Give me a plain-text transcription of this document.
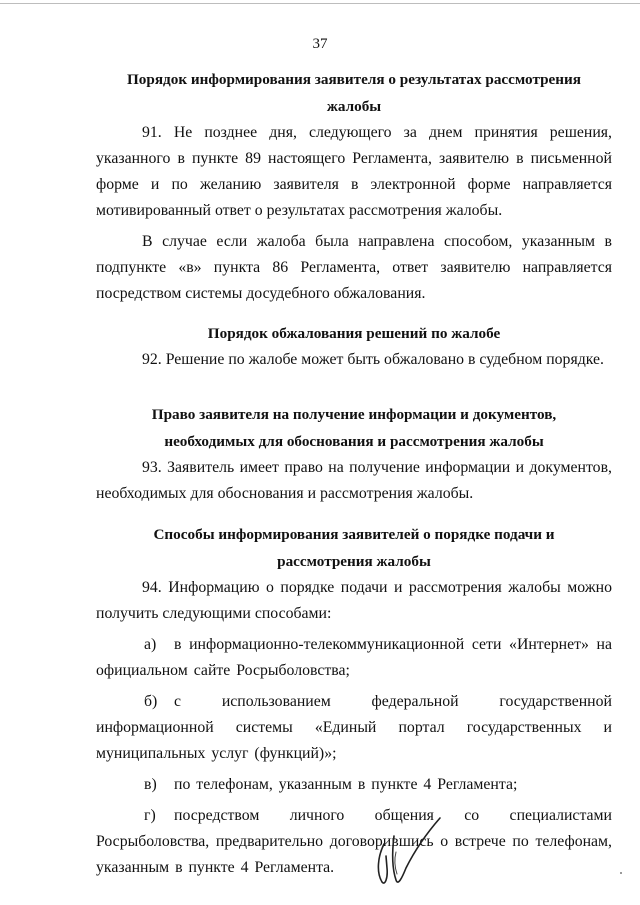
37

Порядок информирования заявителя о результатах рассмотрения
жалобы

91. Не позднее дня, следующего за днем принятия решения, указанного в пункте 89 настоящего Регламента, заявителю в письменной форме и по желанию заявителя в электронной форме направляется мотивированный ответ о результатах рассмотрения жалобы.

В случае если жалоба была направлена способом, указанным в подпункте «в» пункта 86 Регламента, ответ заявителю направляется посредством системы досудебного обжалования.

Порядок обжалования решений по жалобе

92. Решение по жалобе может быть обжаловано в судебном порядке.

Право заявителя на получение информации и документов,
необходимых для обоснования и рассмотрения жалобы

93. Заявитель имеет право на получение информации и документов, необходимых для обоснования и рассмотрения жалобы.

Способы информирования заявителей о порядке подачи и
рассмотрения жалобы

94. Информацию о порядке подачи и рассмотрения жалобы можно получить следующими способами:

а) в информационно-телекоммуникационной сети «Интернет» на официальном сайте Росрыболовства;

б) с использованием федеральной государственной информационной системы «Единый портал государственных и муниципальных услуг (функций)»;

в) по телефонам, указанным в пункте 4 Регламента;

г) посредством личного общения со специалистами Росрыболовства, предварительно договорившись о встрече по телефонам, указанным в пункте 4 Регламента.
